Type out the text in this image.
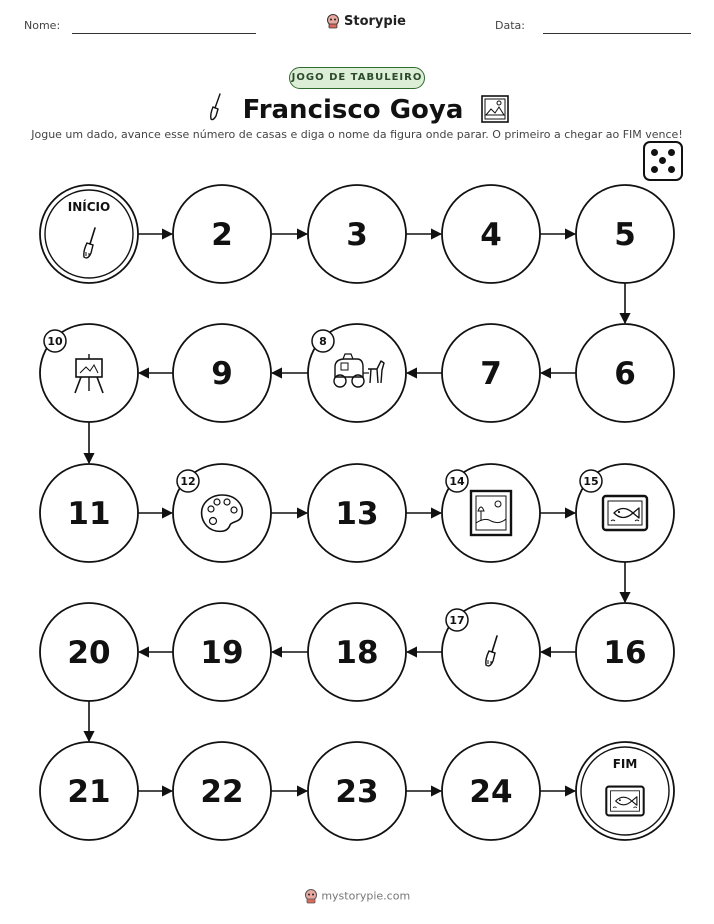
Nome:	Storypie	Data:
JOGO DE TABULEIRO
Francisco Goya
Jogue um dado, avance esse número de casas e diga o nome da figura onde parar. O primeiro a chegar ao FIM vence!
INÍCIO
2	3	4	5
6
7
8
9
10
11
12
13
14	15
16
17
18
19
20
21	22	23	24
FIM
mystorypie.com
